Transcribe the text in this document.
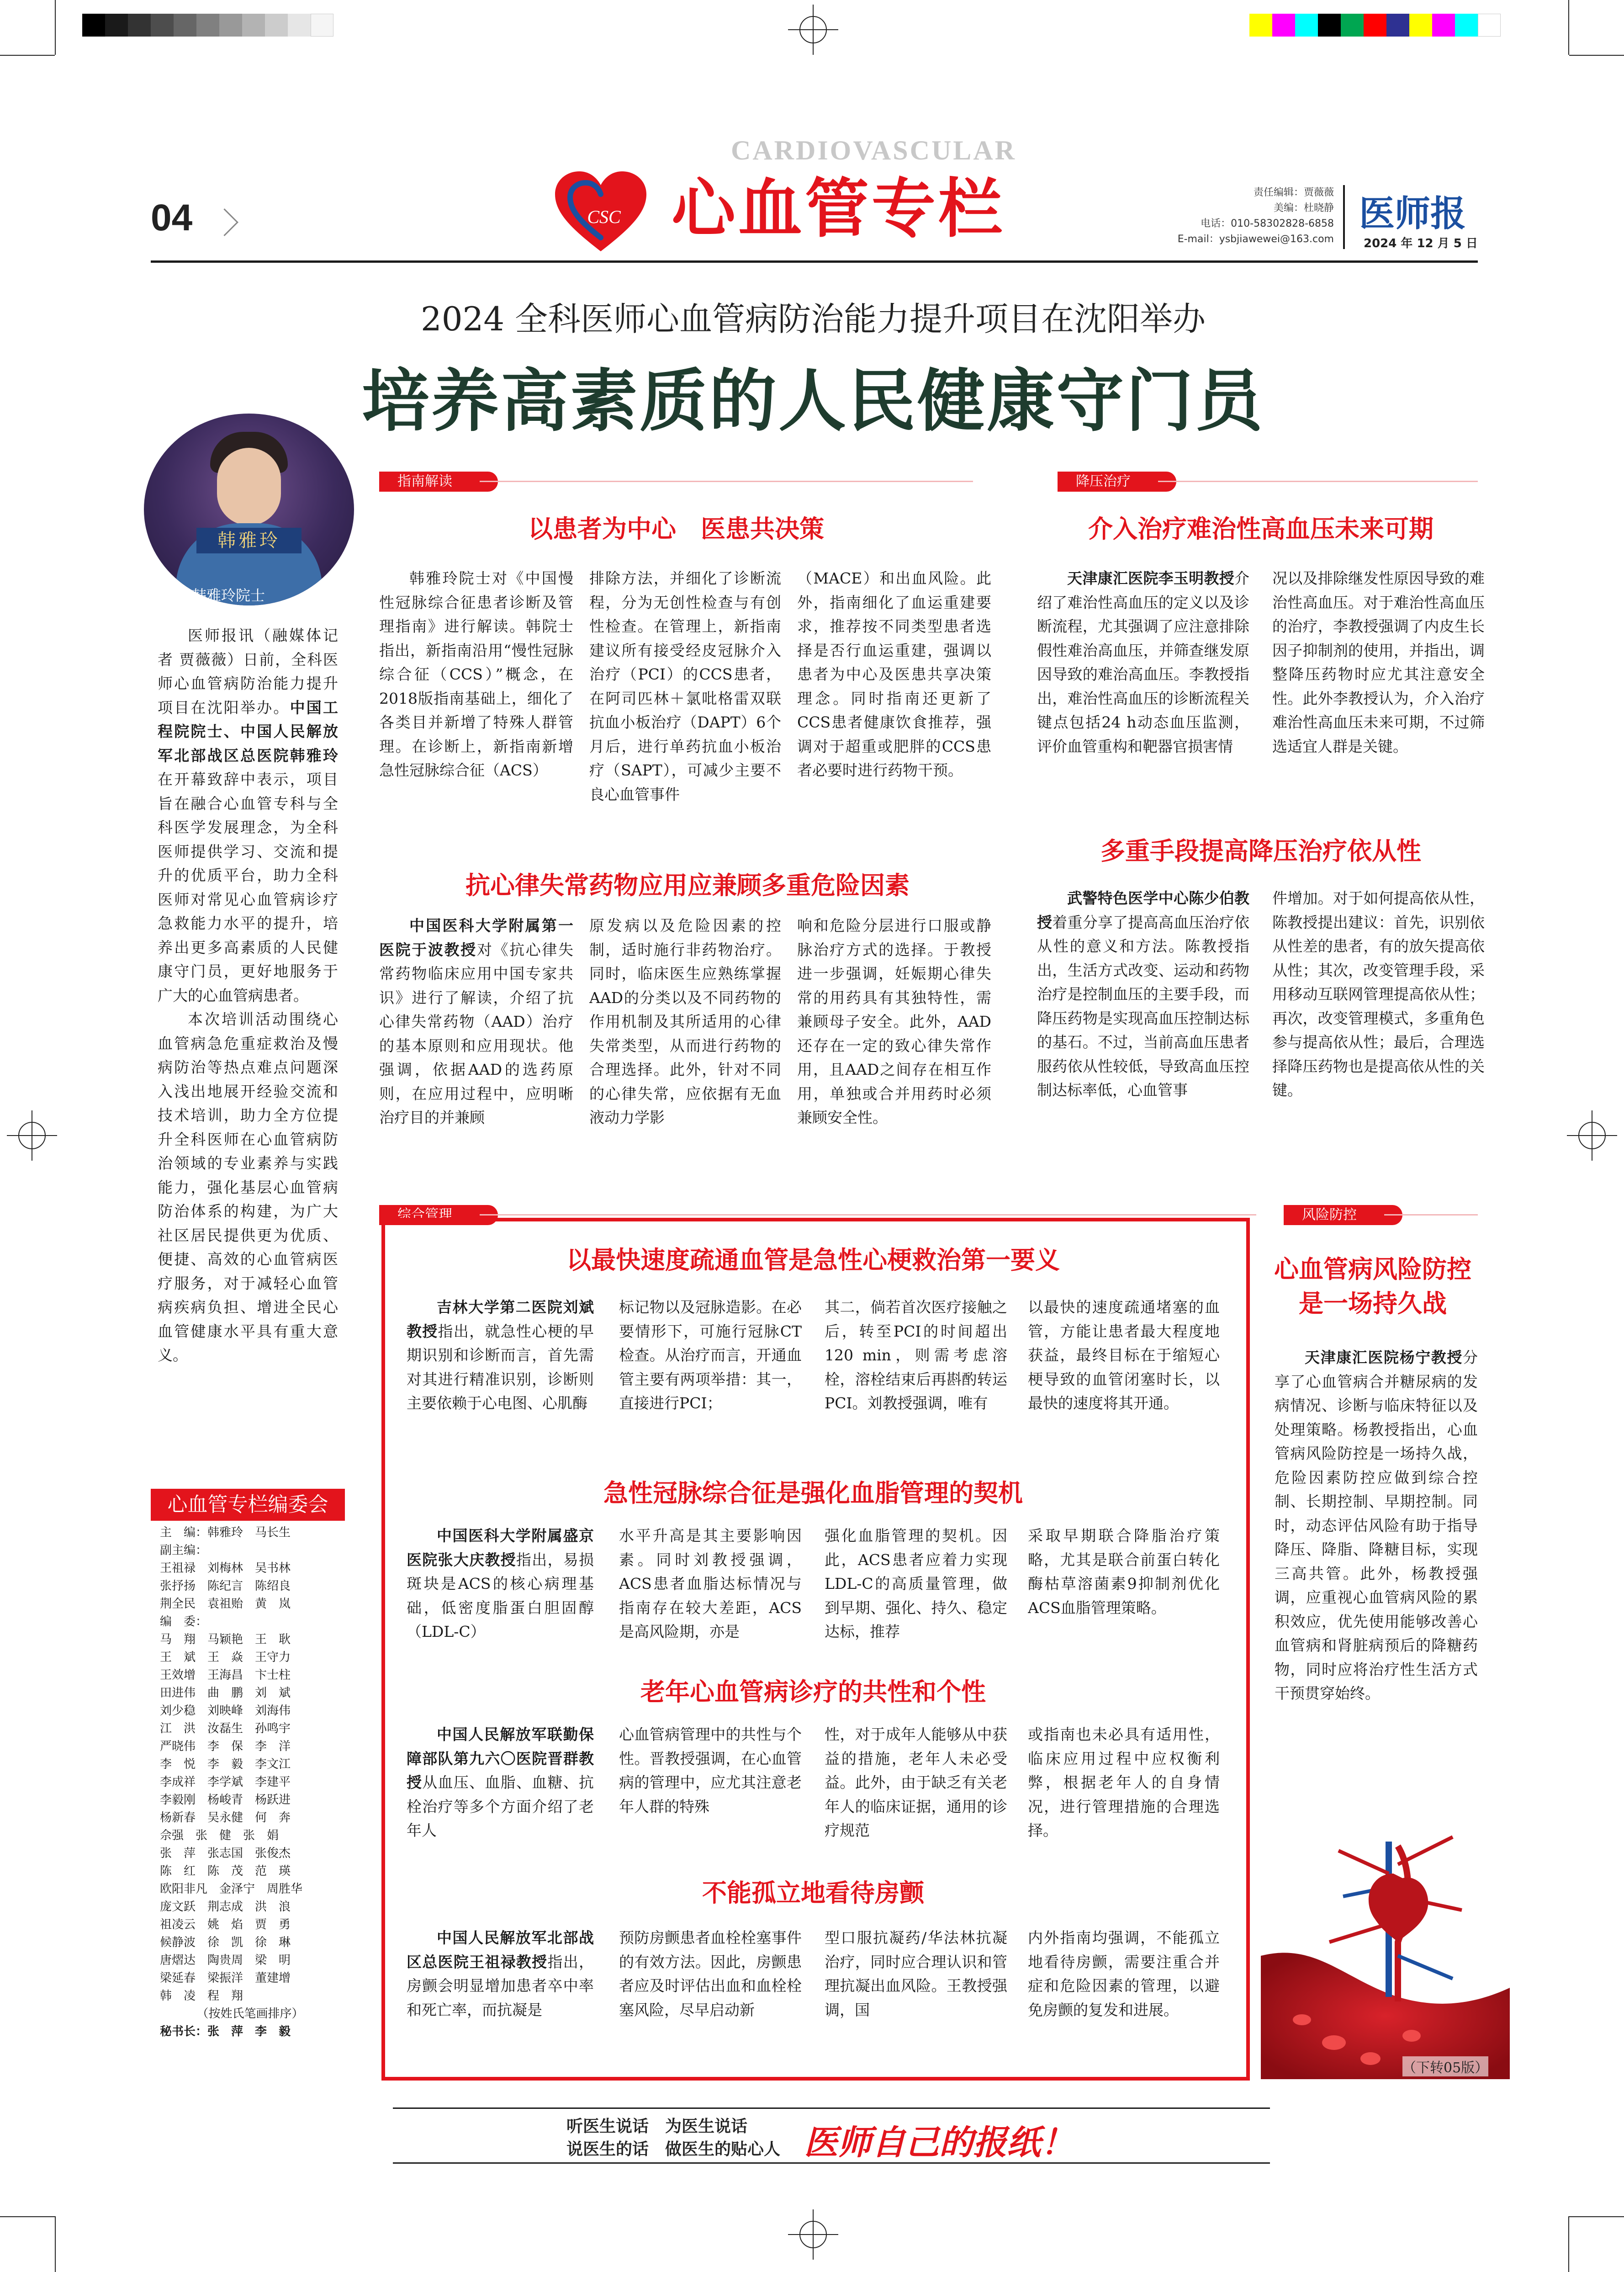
04
CARDIOVASCULAR
CSC 心血管专栏	责任编辑：贾薇薇
美编：杜晓静
电话：010-58302828-6858
E-mail：ysbjiawewei@163.com
医师报
2024 年 12 月 5 日
2024 全科医师心血管病防治能力提升项目在沈阳举办
培养高素质的人民健康守门员
韩雅玲
韩雅玲院士

医师报讯（融媒体记者 贾薇薇）日前，全科医师心血管病防治能力提升项目在沈阳举办。中国工程院院士、中国人民解放军北部战区总医院韩雅玲在开幕致辞中表示，项目旨在融合心血管专科与全科医学发展理念，为全科医师提供学习、交流和提升的优质平台，助力全科医师对常见心血管病诊疗急救能力水平的提升，培养出更多高素质的人民健康守门员，更好地服务于广大的心血管病患者。

本次培训活动围绕心血管病急危重症救治及慢病防治等热点难点问题深入浅出地展开经验交流和技术培训，助力全方位提升全科医师在心血管病防治领域的专业素养与实践能力，强化基层心血管病防治体系的构建，为广大社区居民提供更为优质、便捷、高效的心血管病医疗服务，对于减轻心血管病疾病负担、增进全民心血管健康水平具有重大意义。

心血管专栏编委会
主　编：韩雅玲　马长生
副主编：
王祖禄　刘梅林　吴书林
张抒扬　陈纪言　陈绍良
荆全民　袁祖贻　黄　岚
编　委：
马　翔　马颖艳　王　耿
王　斌　王　焱　王守力
王效增　王海昌　卞士柱
田进伟　曲　鹏　刘　斌
刘少稳　刘映峰　刘海伟
江　洪　汝磊生　孙鸣宇
严晓伟　李　保　李　洋
李　悦　李　毅　李文江
李成祥　李学斌　李建平
李毅刚　杨峻青　杨跃进
杨新春　吴永健　何　奔
佘强　张　健　张　娟
张　萍　张志国　张俊杰
陈　红　陈　茂　范　瑛
欧阳非凡　金泽宁　周胜华
庞文跃　荆志成　洪　浪
祖凌云　姚　焰　贾　勇
候静波　徐　凯　徐　琳
唐熠达　陶贵周　梁　明
梁延春　梁振洋　董建增
韩　凌　程　翔
（按姓氏笔画排序）
秘书长：张　萍　李　毅
指南解读
以患者为中心　医患共决策
韩雅玲院士对《中国慢性冠脉综合征患者诊断及管理指南》进行解读。韩院士指出，新指南沿用“慢性冠脉综合征（CCS）”概念，在2018版指南基础上，细化了各类目并新增了特殊人群管理。在诊断上，新指南新增急性冠脉综合征（ACS）
排除方法，并细化了诊断流程，分为无创性检查与有创性检查。在管理上，新指南建议所有接受经皮冠脉介入治疗（PCI）的CCS患者，在阿司匹林＋氯吡格雷双联抗血小板治疗（DAPT）6个月后，进行单药抗血小板治疗（SAPT），可减少主要不良心血管事件
（MACE）和出血风险。此外，指南细化了血运重建要求，推荐按不同类型患者选择是否行血运重建，强调以患者为中心及医患共享决策理念。同时指南还更新了CCS患者健康饮食推荐，强调对于超重或肥胖的CCS患者必要时进行药物干预。
抗心律失常药物应用应兼顾多重危险因素
中国医科大学附属第一医院于波教授对《抗心律失常药物临床应用中国专家共识》进行了解读，介绍了抗心律失常药物（AAD）治疗的基本原则和应用现状。他强调，依据AAD的选药原则，在应用过程中，应明晰治疗目的并兼顾
原发病以及危险因素的控制，适时施行非药物治疗。同时，临床医生应熟练掌握AAD的分类以及不同药物的作用机制及其所适用的心律失常类型，从而进行药物的合理选择。此外，针对不同的心律失常，应依据有无血液动力学影
响和危险分层进行口服或静脉治疗方式的选择。于教授进一步强调，妊娠期心律失常的用药具有其独特性，需兼顾母子安全。此外，AAD还存在一定的致心律失常作用，且AAD之间存在相互作用，单独或合并用药时必须兼顾安全性。
降压治疗
介入治疗难治性高血压未来可期
天津康汇医院李玉明教授介绍了难治性高血压的定义以及诊断流程，尤其强调了应注意排除假性难治高血压，并筛查继发原因导致的难治高血压。李教授指出，难治性高血压的诊断流程关键点包括24 h动态血压监测，评价血管重构和靶器官损害情
况以及排除继发性原因导致的难治性高血压。对于难治性高血压的治疗，李教授强调了内皮生长因子抑制剂的使用，并指出，调整降压药物时应尤其注意安全性。此外李教授认为，介入治疗难治性高血压未来可期，不过筛选适宜人群是关键。
多重手段提高降压治疗依从性
武警特色医学中心陈少伯教授着重分享了提高高血压治疗依从性的意义和方法。陈教授指出，生活方式改变、运动和药物治疗是控制血压的主要手段，而降压药物是实现高血压控制达标的基石。不过，当前高血压患者服药依从性较低，导致高血压控制达标率低，心血管事
件增加。对于如何提高依从性，陈教授提出建议：首先，识别依从性差的患者，有的放矢提高依从性；其次，改变管理手段，采用移动互联网管理提高依从性；再次，改变管理模式，多重角色参与提高依从性；最后，合理选择降压药物也是提高依从性的关键。
综合管理
以最快速度疏通血管是急性心梗救治第一要义
吉林大学第二医院刘斌教授指出，就急性心梗的早期识别和诊断而言，首先需对其进行精准识别，诊断则主要依赖于心电图、心肌酶
标记物以及冠脉造影。在必要情形下，可施行冠脉CT检查。从治疗而言，开通血管主要有两项举措：其一，直接进行PCI；
其二，倘若首次医疗接触之后，转至PCI的时间超出120 min，则需考虑溶栓，溶栓结束后再斟酌转运PCI。刘教授强调，唯有
以最快的速度疏通堵塞的血管，方能让患者最大程度地获益，最终目标在于缩短心梗导致的血管闭塞时长，以最快的速度将其开通。
急性冠脉综合征是强化血脂管理的契机
中国医科大学附属盛京医院张大庆教授指出，易损斑块是ACS的核心病理基础，低密度脂蛋白胆固醇（LDL-C）
水平升高是其主要影响因素。同时刘教授强调，ACS患者血脂达标情况与指南存在较大差距，ACS是高风险期，亦是
强化血脂管理的契机。因此，ACS患者应着力实现LDL-C的高质量管理，做到早期、强化、持久、稳定达标，推荐
采取早期联合降脂治疗策略，尤其是联合前蛋白转化酶枯草溶菌素9抑制剂优化ACS血脂管理策略。
老年心血管病诊疗的共性和个性
中国人民解放军联勤保障部队第九六〇医院晋群教授从血压、血脂、血糖、抗栓治疗等多个方面介绍了老年人
心血管病管理中的共性与个性。晋教授强调，在心血管病的管理中，应尤其注意老年人群的特殊
性，对于成年人能够从中获益的措施，老年人未必受益。此外，由于缺乏有关老年人的临床证据，通用的诊疗规范
或指南也未必具有适用性，临床应用过程中应权衡利弊，根据老年人的自身情况，进行管理措施的合理选择。
不能孤立地看待房颤
中国人民解放军北部战区总医院王祖禄教授指出，房颤会明显增加患者卒中率和死亡率，而抗凝是
预防房颤患者血栓栓塞事件的有效方法。因此，房颤患者应及时评估出血和血栓栓塞风险，尽早启动新
型口服抗凝药/华法林抗凝治疗，同时应合理认识和管理抗凝出血风险。王教授强调，国
内外指南均强调，不能孤立地看待房颤，需要注重合并症和危险因素的管理，以避免房颤的复发和进展。
风险防控
心血管病风险防控
是一场持久战
天津康汇医院杨宁教授分享了心血管病合并糖尿病的发病情况、诊断与临床特征以及处理策略。杨教授指出，心血管病风险防控是一场持久战，危险因素防控应做到综合控制、长期控制、早期控制。同时，动态评估风险有助于指导降压、降脂、降糖目标，实现三高共管。此外，杨教授强调，应重视心血管病风险的累积效应，优先使用能够改善心血管病和肾脏病预后的降糖药物，同时应将治疗性生活方式干预贯穿始终。
（下转05版）
听医生说话　为医生说话
说医生的话　做医生的贴心人 医师自己的报纸！
